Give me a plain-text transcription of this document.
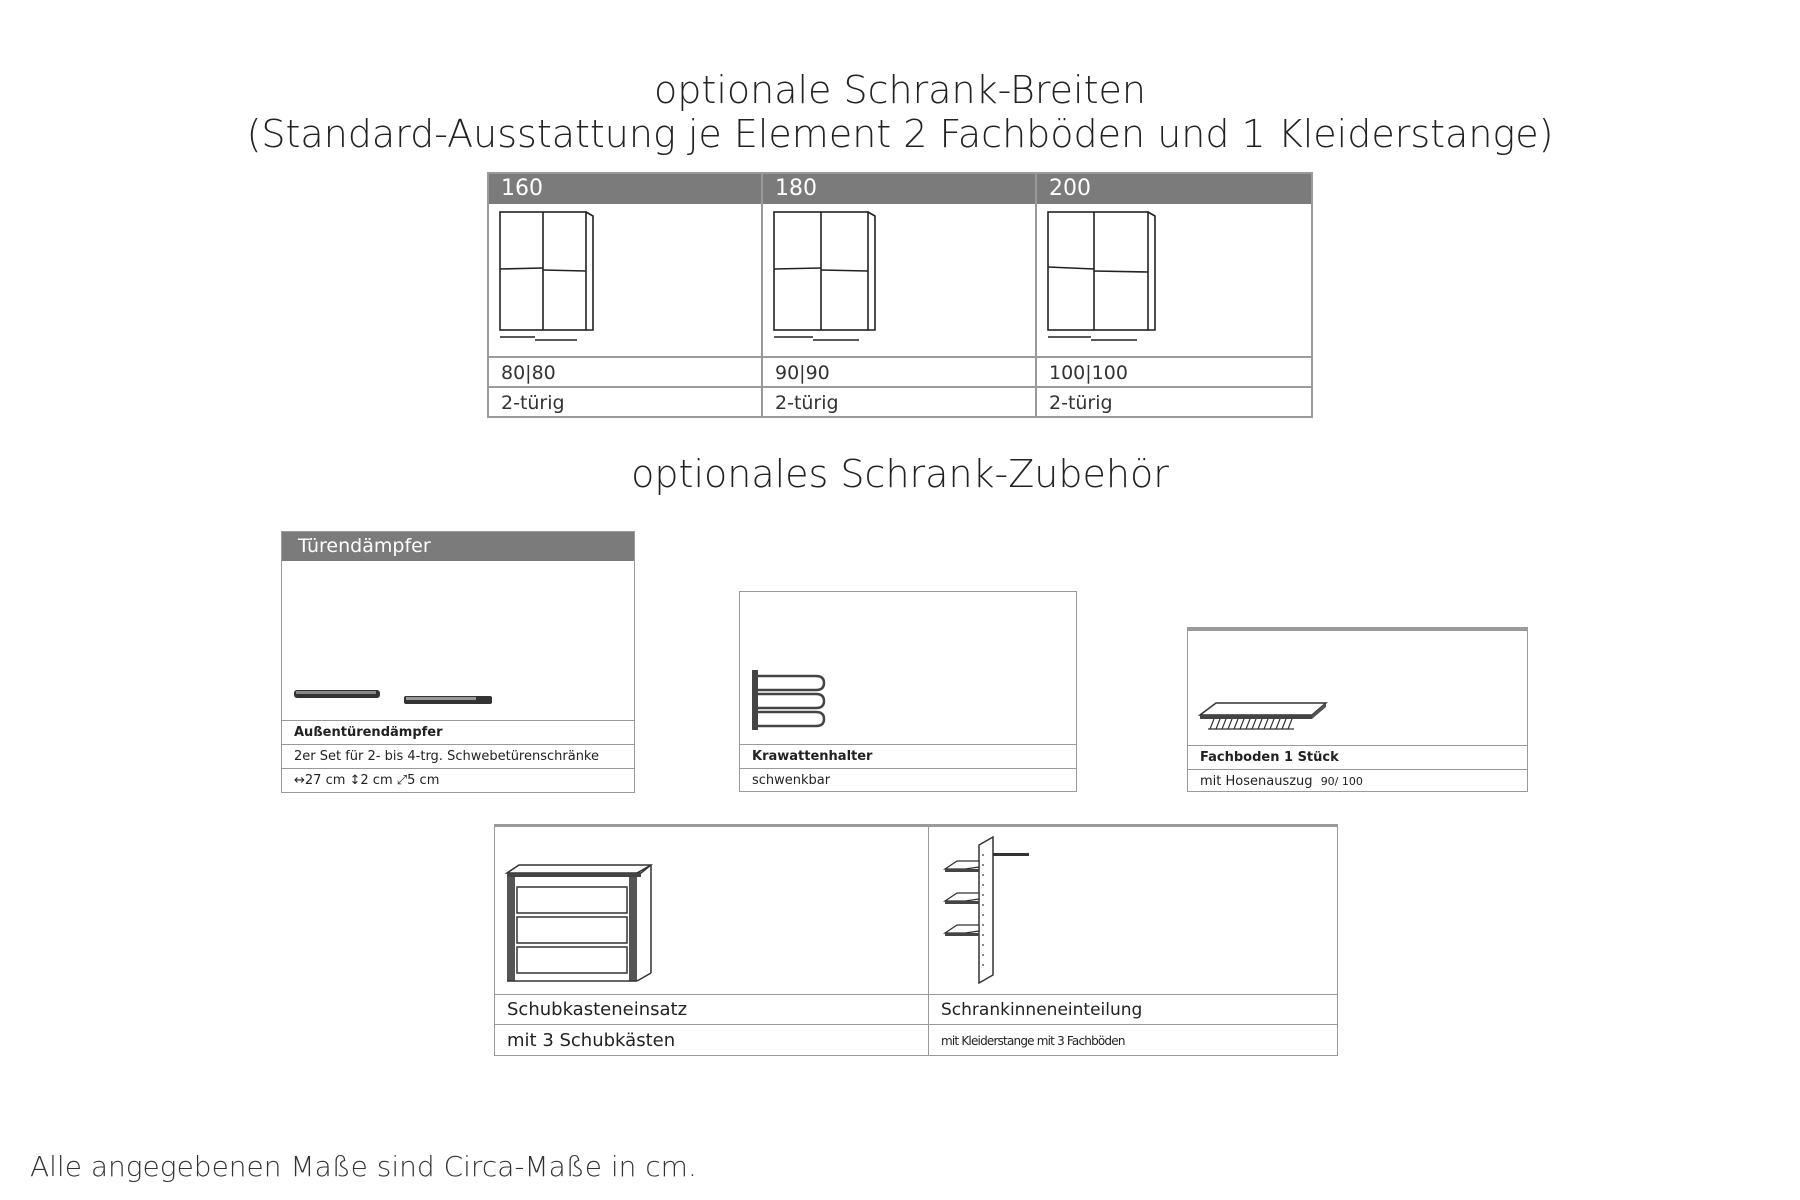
optionale Schrank-Breiten
(Standard-Ausstattung je Element 2 Fachböden und 1 Kleiderstange)
160
80|80
2-türig
180
90|90
2-türig
200
100|100
2-türig
optionales Schrank-Zubehör
Türendämpfer
Außentürendämpfer
2er Set für 2- bis 4-trg. Schwebetürenschränke
↔27 cm ↕2 cm ⤢5 cm
Krawattenhalter
schwenkbar
Fachboden 1 Stück
mit Hosenauszug 90/ 100
Schubkasteneinsatz
mit 3 Schubkästen
Schrankinneneinteilung
mit Kleiderstange mit 3 Fachböden
Alle angegebenen Maße sind Circa-Maße in cm.
